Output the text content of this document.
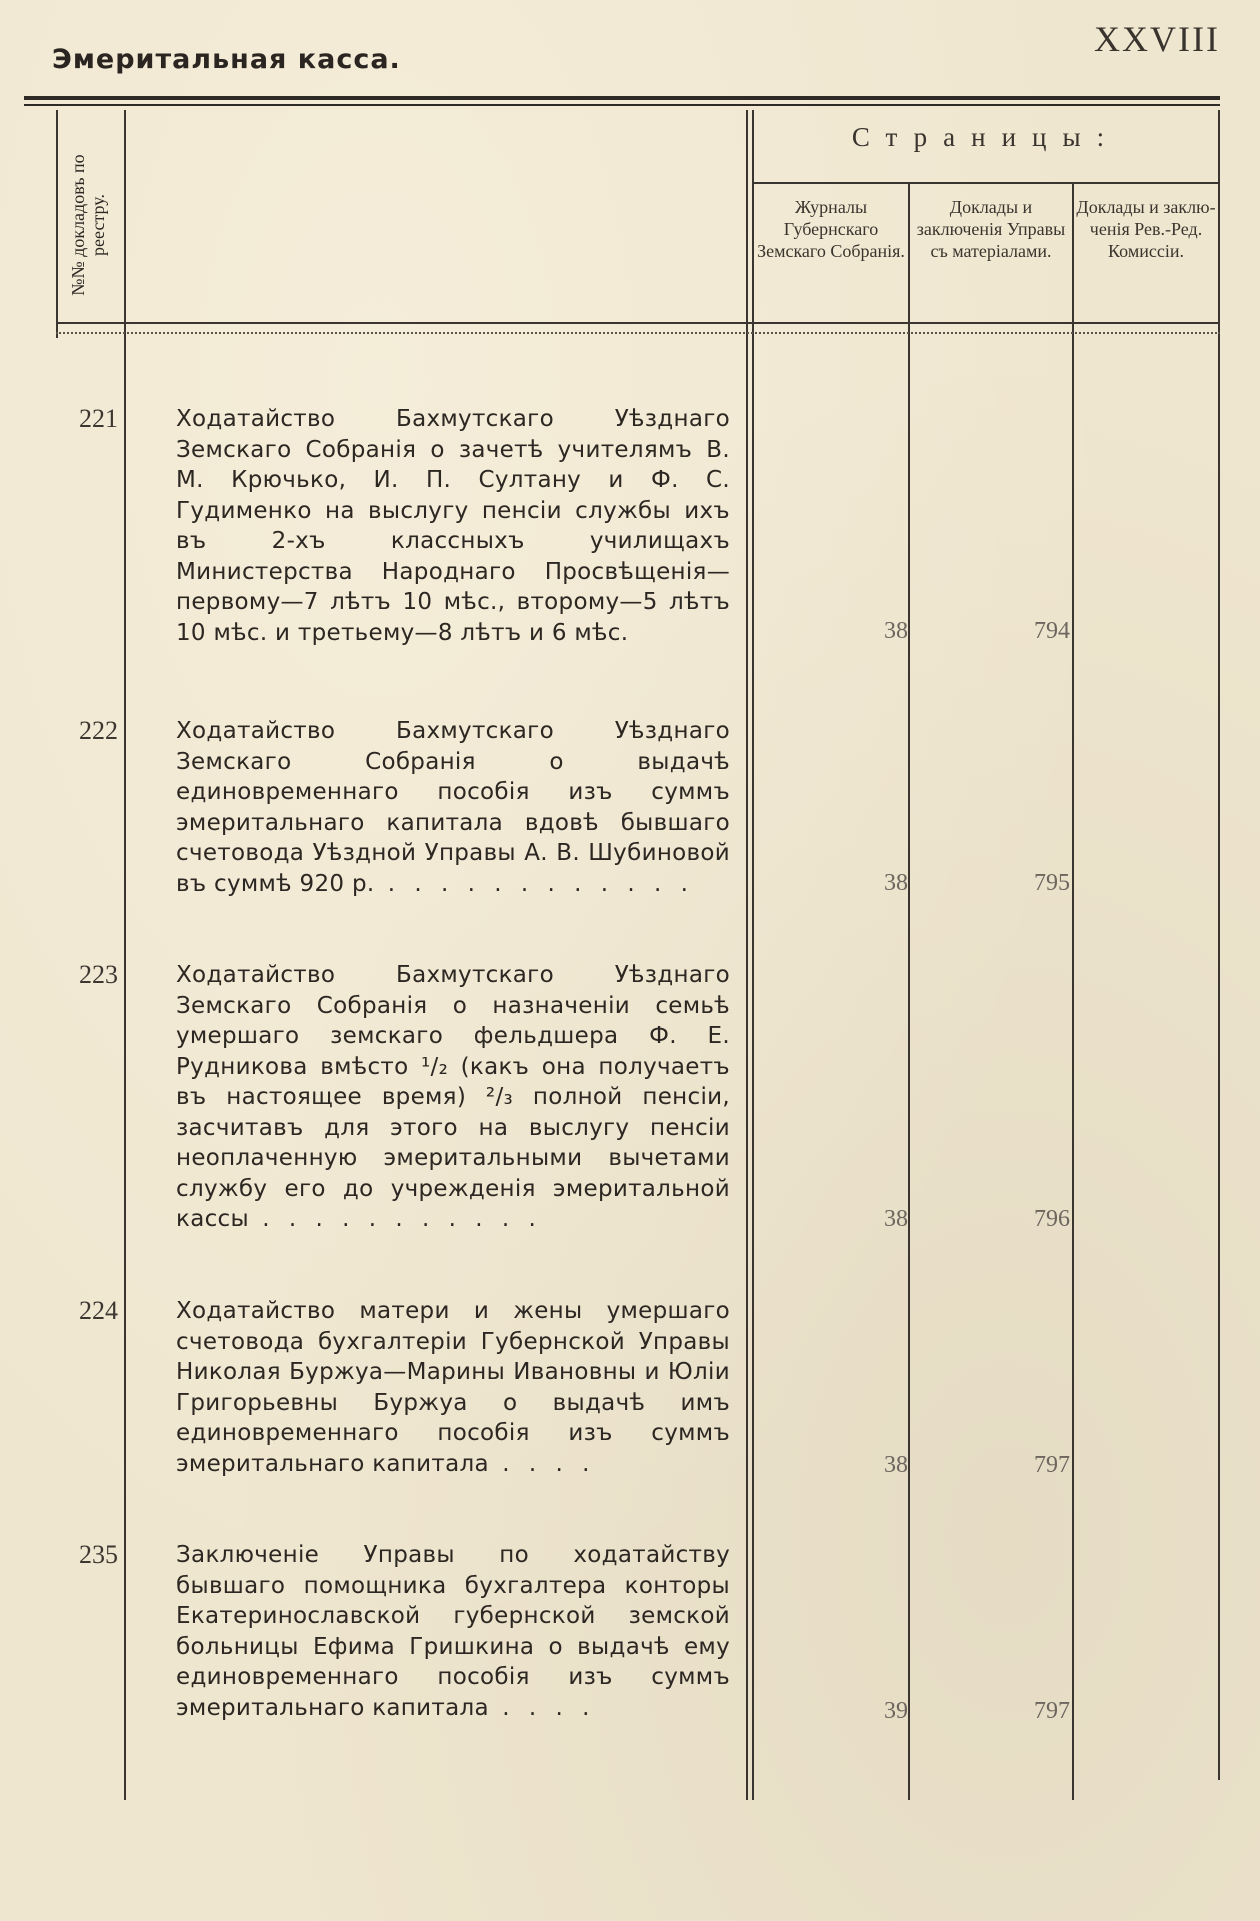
Эмеритальная касса.
XXVIII
№№ докладовъ по реестру.
Страницы:
Журналы Губернскаго Земскаго Собранія.
Доклады и заключенія Управы съ матеріалами.
Доклады и заклю- ченія Рев.-Ред. Комиссіи.
221	Ходатайство Бахмутскаго Уѣзднаго Земскаго Собранія о зачетѣ учителямъ В. М. Крючько, И. П. Султану и Ф. С. Гудименко на выслугу пенсіи службы ихъ въ 2-хъ классныхъ училищахъ Министерства Народнаго Просвѣщенія—первому—7 лѣтъ 10 мѣс., второму—5 лѣтъ 10 мѣс. и третьему—8 лѣтъ и 6 мѣс.	38	794
222	Ходатайство Бахмутскаго Уѣзднаго Земскаго Собранія о выдачѣ единовременнаго пособія изъ суммъ эмеритальнаго капитала вдовѣ бывшаго счетовода Уѣздной Управы А. В. Шубиновой въ суммѣ 920 р. . . . . . . . . . . . .	38	795
223	Ходатайство Бахмутскаго Уѣзднаго Земскаго Собранія о назначеніи семьѣ умершаго земскаго фельдшера Ф. Е. Рудникова вмѣсто ¹/₂ (какъ она получаетъ въ настоящее время) ²/₃ полной пенсіи, засчитавъ для этого на выслугу пенсіи неоплаченную эмеритальными вычетами службу его до учрежденія эмеритальной кассы . . . . . . . . . . .	38	796
224	Ходатайство матери и жены умершаго счетовода бухгалтеріи Губернской Управы Николая Буржуа—Марины Ивановны и Юліи Григорьевны Буржуа о выдачѣ имъ единовременнаго пособія изъ суммъ эмеритальнаго капитала . . . .	38	797
235	Заключеніе Управы по ходатайству бывшаго помощника бухгалтера конторы Екатеринославской губернской земской больницы Ефима Гришкина о выдачѣ ему единовременнаго пособія изъ суммъ эмеритальнаго капитала . . . .	39	797
